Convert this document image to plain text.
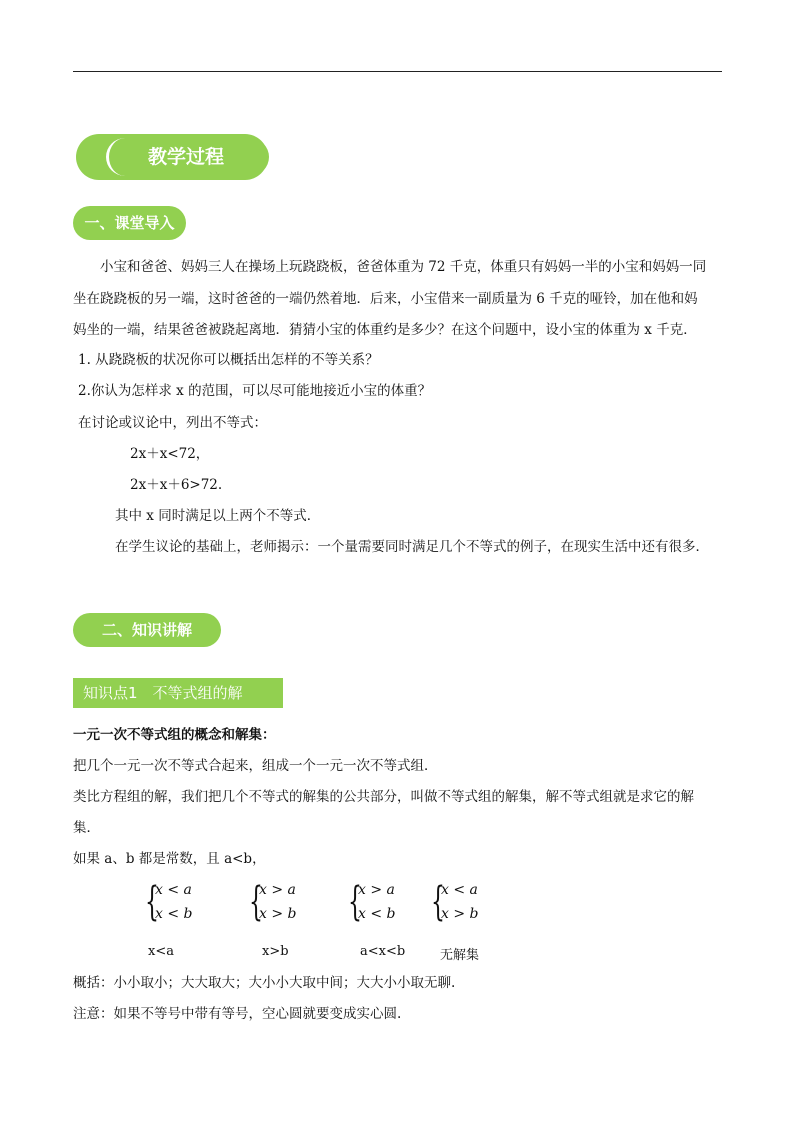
教学过程
一、课堂导入
小宝和爸爸、妈妈三人在操场上玩跷跷板，爸爸体重为 72 千克，体重只有妈妈一半的小宝和妈妈一同
坐在跷跷板的另一端，这时爸爸的一端仍然着地．后来，小宝借来一副质量为 6 千克的哑铃，加在他和妈
妈坐的一端，结果爸爸被跷起离地．猜猜小宝的体重约是多少？在这个问题中，设小宝的体重为 x 千克．
1. 从跷跷板的状况你可以概括出怎样的不等关系？
2.你认为怎样求 x 的范围，可以尽可能地接近小宝的体重？
在讨论或议论中，列出不等式：
2x＋x<72，
2x＋x＋6>72.
其中 x 同时满足以上两个不等式．
在学生议论的基础上，老师揭示：一个量需要同时满足几个不等式的例子，在现实生活中还有很多．
二、知识讲解
知识点1　不等式组的解
一元一次不等式组的概念和解集：
把几个一元一次不等式合起来，组成一个一元一次不等式组．
类比方程组的解，我们把几个不等式的解集的公共部分，叫做不等式组的解集，解不等式组就是求它的解
集．
如果 a、b 都是常数，且 a<b，
{
x < a
x < b {
x > a
x > b {
x > a
x < b {
x < a
x > b
x<a	x>b	a<x<b	无解集
概括：小小取小；大大取大；大小小大取中间；大大小小取无聊.
注意：如果不等号中带有等号，空心圆就要变成实心圆.
